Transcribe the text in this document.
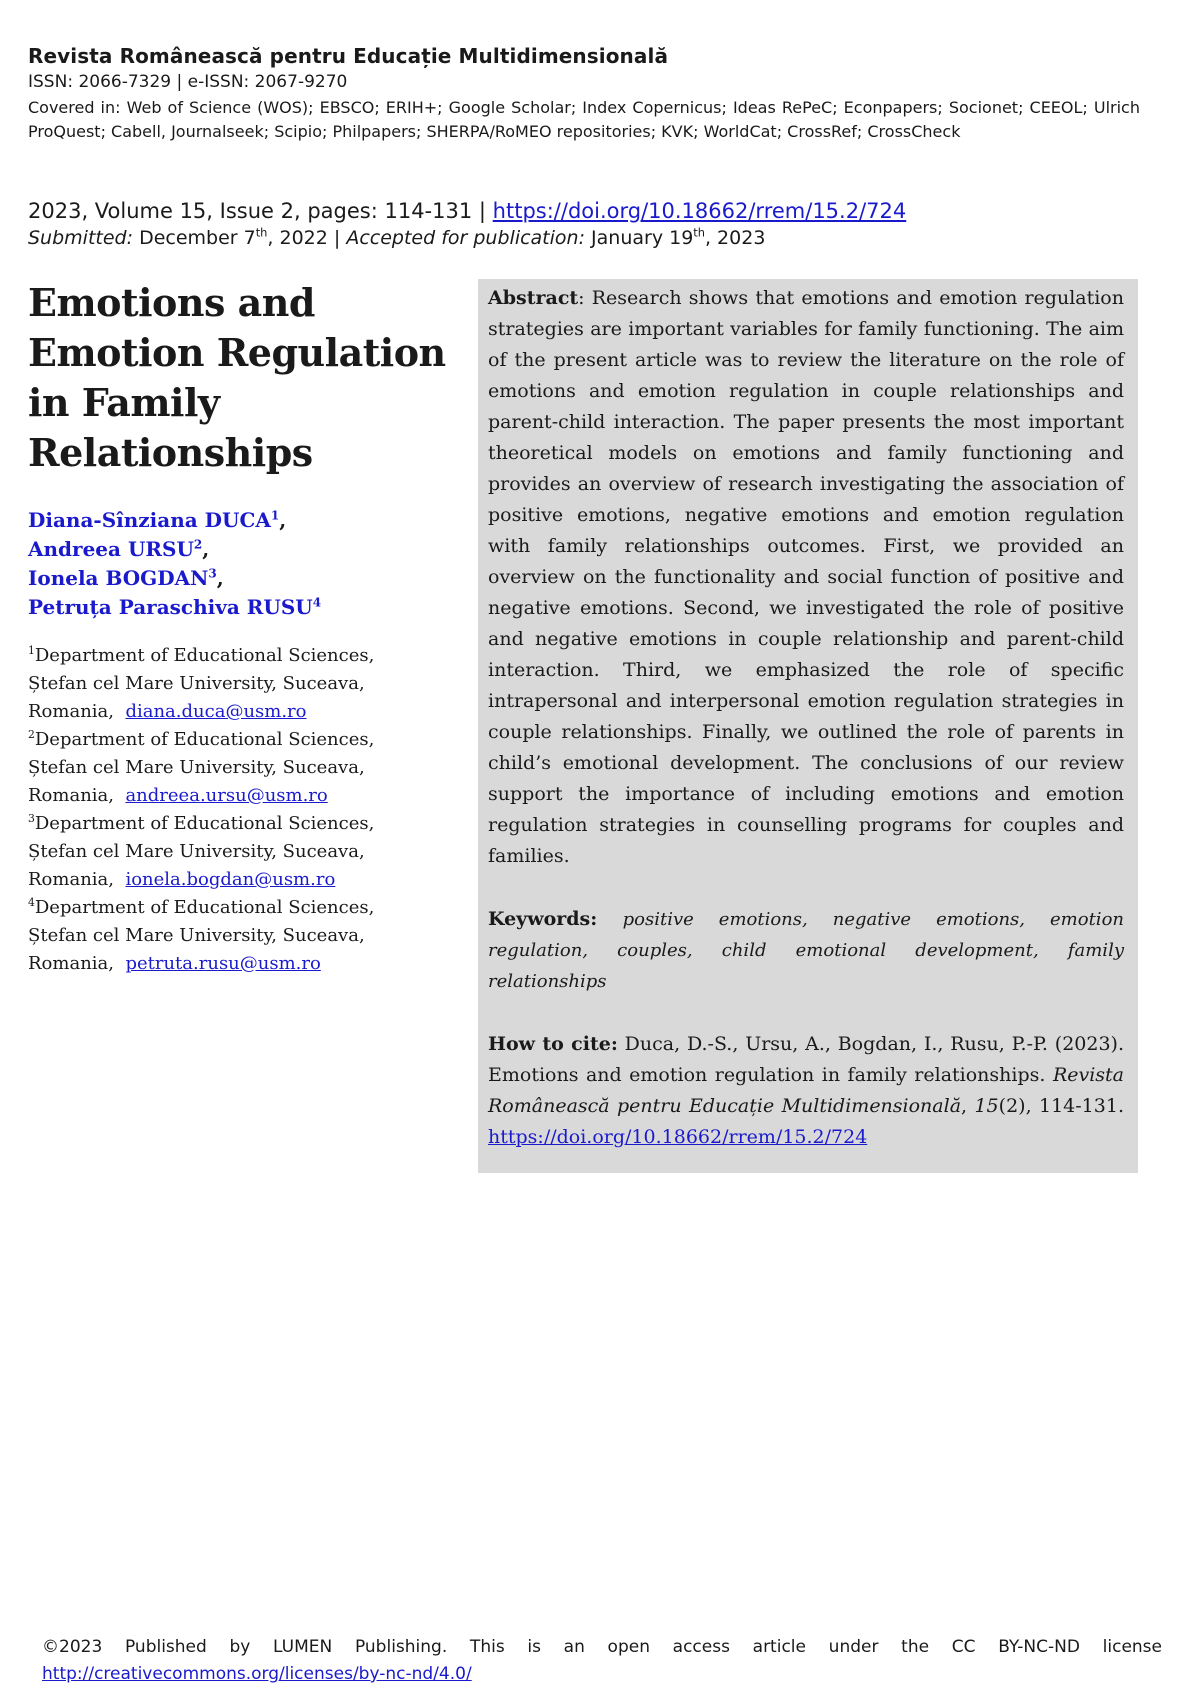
Revista Românească pentru Educație Multidimensională

ISSN: 2066-7329 | e-ISSN: 2067-9270

Covered in: Web of Science (WOS); EBSCO; ERIH+; Google Scholar; Index Copernicus; Ideas RePeC; Econpapers; Socionet; CEEOL; Ulrich ProQuest; Cabell, Journalseek; Scipio; Philpapers; SHERPA/RoMEO repositories; KVK; WorldCat; CrossRef; CrossCheck

2023, Volume 15, Issue 2, pages: 114-131 | https://doi.org/10.18662/rrem/15.2/724

Submitted: December 7th, 2022 | Accepted for publication: January 19th, 2023

Emotions and
Emotion Regulation
in Family
Relationships
Diana-Sînziana DUCA$^1$,
Andreea URSU$^2$,
Ionela BOGDAN$^3$,
Petruța Paraschiva RUSU$^4$
$^1$Department of Educational Sciences,
Ștefan cel Mare University, Suceava,
Romania, diana.duca@usm.ro
$^2$Department of Educational Sciences,
Ștefan cel Mare University, Suceava,
Romania, andreea.ursu@usm.ro
$^3$Department of Educational Sciences,
Ștefan cel Mare University, Suceava,
Romania, ionela.bogdan@usm.ro
$^4$Department of Educational Sciences,
Ștefan cel Mare University, Suceava,
Romania, petruta.rusu@usm.ro

Abstract: Research shows that emotions and emotion regulation strategies are important variables for family functioning. The aim of the present article was to review the literature on the role of emotions and emotion regulation in couple relationships and parent-child interaction. The paper presents the most important theoretical models on emotions and family functioning and provides an overview of research investigating the association of positive emotions, negative emotions and emotion regulation with family relationships outcomes. First, we provided an overview on the functionality and social function of positive and negative emotions. Second, we investigated the role of positive and negative emotions in couple relationship and parent-child interaction. Third, we emphasized the role of specific intrapersonal and interpersonal emotion regulation strategies in couple relationships. Finally, we outlined the role of parents in child’s emotional development. The conclusions of our review support the importance of including emotions and emotion regulation strategies in counselling programs for couples and families.

Keywords: positive emotions, negative emotions, emotion regulation, couples, child emotional development, family relationships

How to cite: Duca, D.-S., Ursu, A., Bogdan, I., Rusu, P.-P. (2023). Emotions and emotion regulation in family relationships. Revista Românească pentru Educație Multidimensională, 15(2), 114-131. https://doi.org/10.18662/rrem/15.2/724

©2023 Published by LUMEN Publishing. This is an open access article under the CC BY-NC-ND license

http://creativecommons.org/licenses/by-nc-nd/4.0/
